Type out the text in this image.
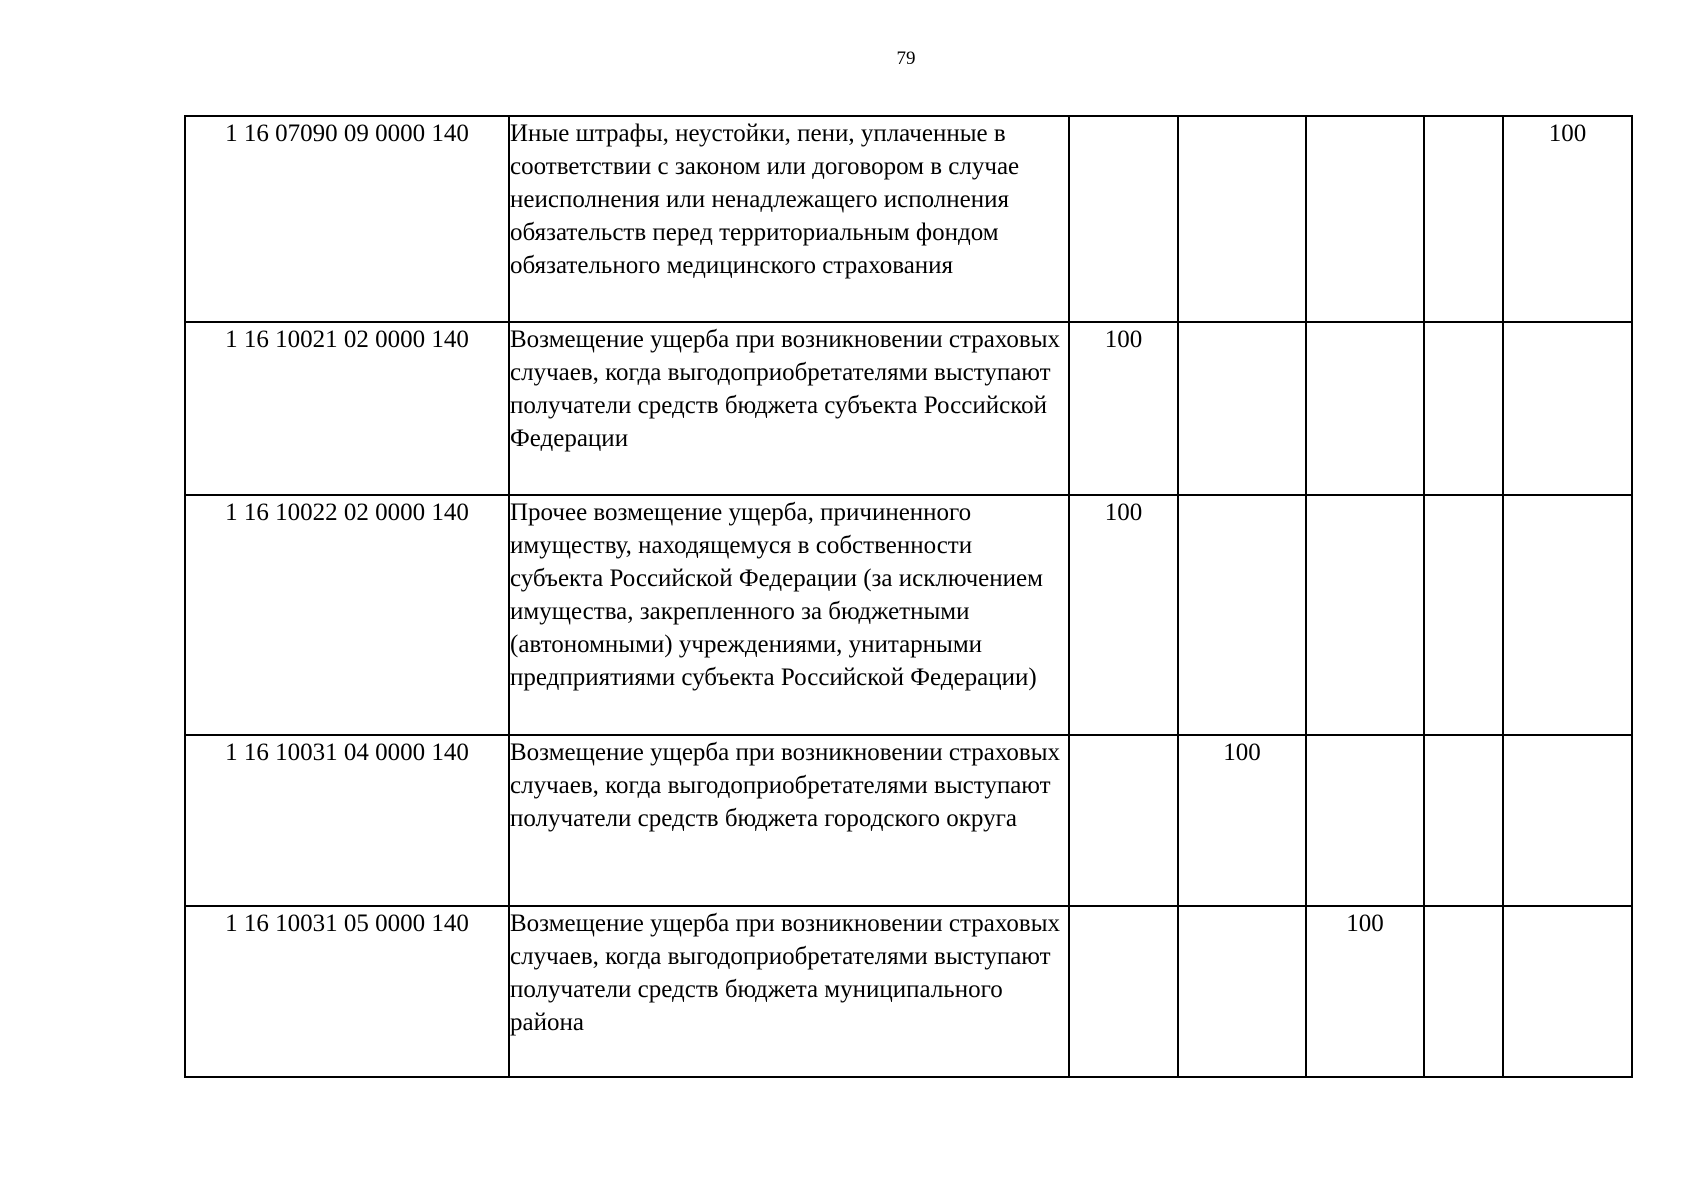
79
1 16 07090 09 0000 140	Иные штрафы, неустойки, пени, уплаченные в соответствии с законом или договором в случае неисполнения или ненадлежащего исполнения обязательств перед территориальным фондом обязательного медицинского страхования					100
1 16 10021 02 0000 140	Возмещение ущерба при возникновении страховых случаев, когда выгодоприобретателями выступают получатели средств бюджета субъекта Российской Федерации	100				
1 16 10022 02 0000 140	Прочее возмещение ущерба, причиненного имуществу, находящемуся в собственности субъекта Российской Федерации (за исключением имущества, закрепленного за бюджетными (автономными) учреждениями, унитарными предприятиями субъекта Российской Федерации)	100				
1 16 10031 04 0000 140	Возмещение ущерба при возникновении страховых случаев, когда выгодоприобретателями выступают получатели средств бюджета городского округа		100			
1 16 10031 05 0000 140	Возмещение ущерба при возникновении страховых случаев, когда выгодоприобретателями выступают получатели средств бюджета муниципального района			100		
